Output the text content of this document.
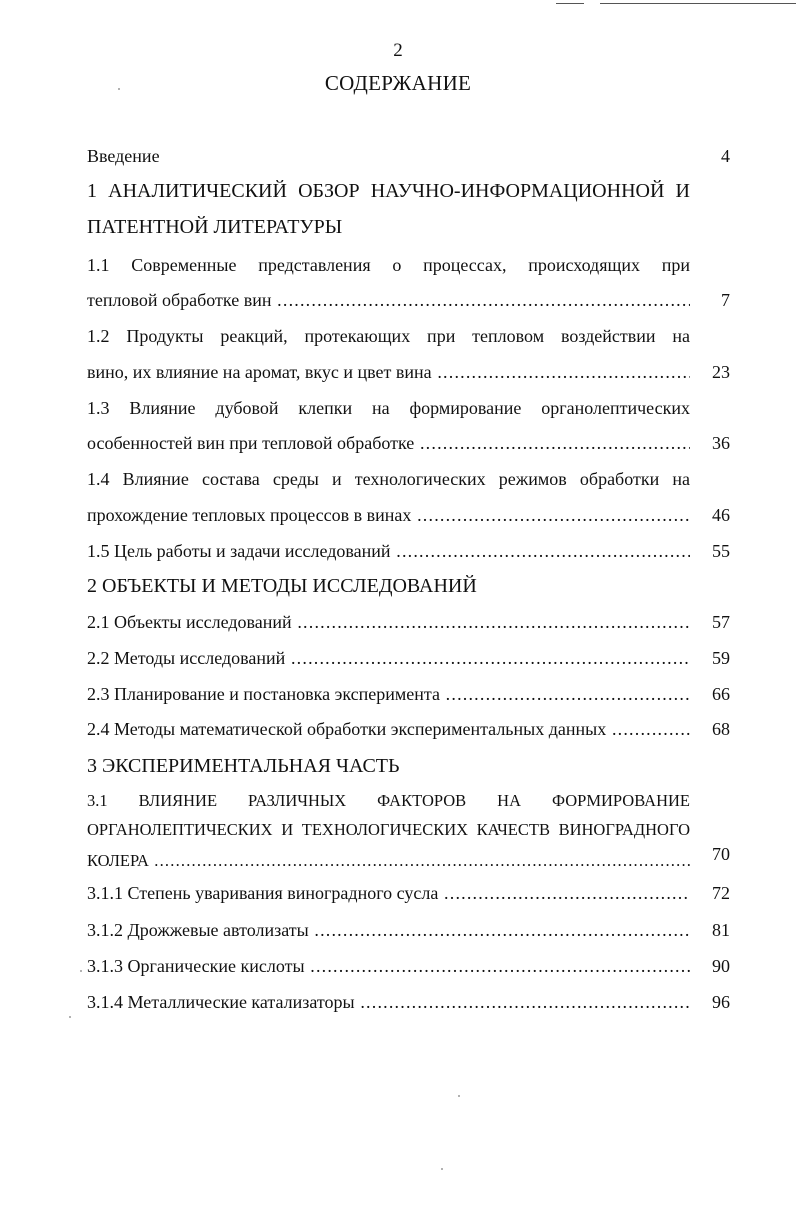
2
СОДЕРЖАНИЕ
Введение	4
1 АНАЛИТИЧЕСКИЙ ОБЗОР НАУЧНО-ИНФОРМАЦИОННОЙ И
ПАТЕНТНОЙ ЛИТЕРАТУРЫ
1.1 Современные представления о процессах, происходящих при
тепловой обработке вин .....	7
1.2 Продукты реакций, протекающих при тепловом воздействии на
вино, их влияние на аромат, вкус и цвет вина .....	23
1.3 Влияние дубовой клепки на формирование органолептических
особенностей вин при тепловой обработке .....	36
1.4 Влияние состава среды и технологических режимов обработки на
прохождение тепловых процессов в винах .....	46
1.5 Цель работы и задачи исследований .....	55
2 ОБЪЕКТЫ И МЕТОДЫ ИССЛЕДОВАНИЙ
2.1 Объекты исследований .....	57
2.2 Методы исследований .....	59
2.3 Планирование и постановка эксперимента .....	66
2.4 Методы математической обработки экспериментальных данных .....	68
3 ЭКСПЕРИМЕНТАЛЬНАЯ ЧАСТЬ
3.1 ВЛИЯНИЕ РАЗЛИЧНЫХ ФАКТОРОВ НА ФОРМИРОВАНИЕ
ОРГАНОЛЕПТИЧЕСКИХ И ТЕХНОЛОГИЧЕСКИХ КАЧЕСТВ ВИНОГРАДНОГО
КОЛЕРА .....	70
3.1.1 Степень уваривания виноградного сусла .....	72
3.1.2 Дрожжевые автолизаты .....	81
3.1.3 Органические кислоты .....	90
3.1.4 Металлические катализаторы .....	96
